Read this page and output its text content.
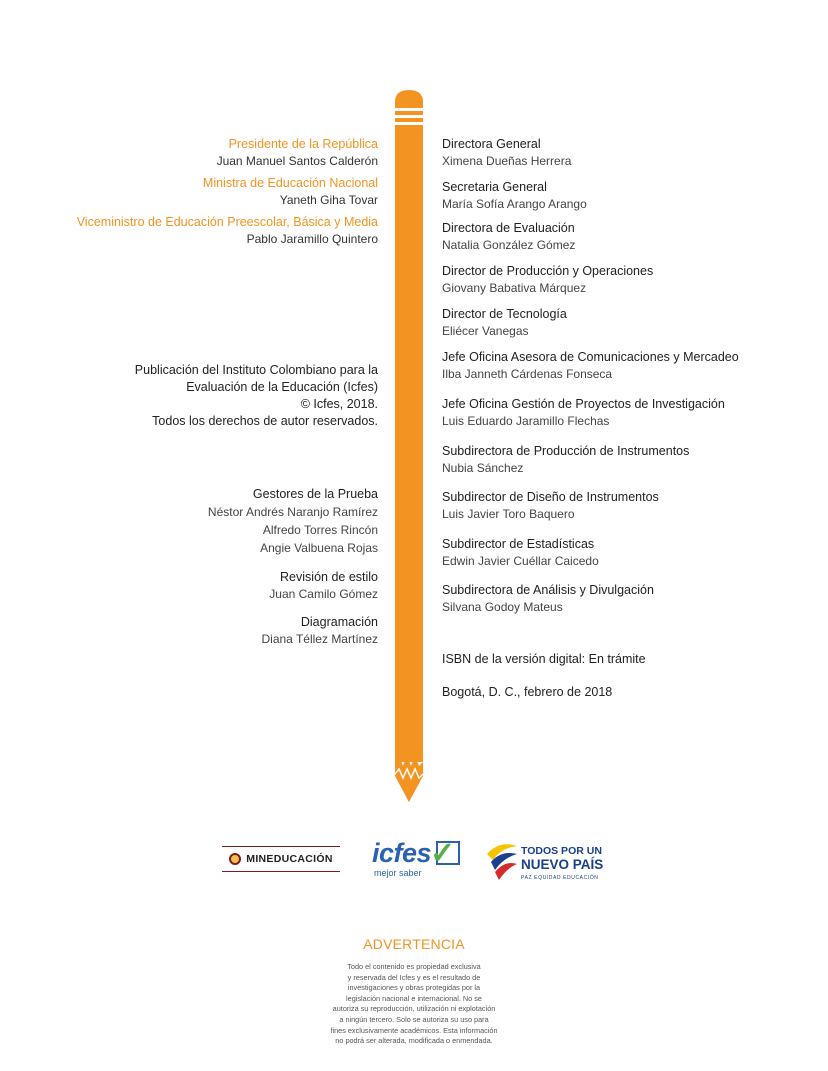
Presidente de la República
Juan Manuel Santos Calderón
Ministra de Educación Nacional
Yaneth Giha Tovar
Viceministro de Educación Preescolar, Básica y Media
Pablo Jaramillo Quintero
Publicación del Instituto Colombiano para la
Evaluación de la Educación (Icfes)
© Icfes, 2018.
Todos los derechos de autor reservados.
Gestores de la Prueba
Néstor Andrés Naranjo Ramírez
Alfredo Torres Rincón
Angie Valbuena Rojas
Revisión de estilo
Juan Camilo Gómez
Diagramación
Diana Téllez Martínez
Directora General
Ximena Dueñas Herrera
Secretaria General
María Sofía Arango Arango
Directora de Evaluación
Natalia González Gómez
Director de Producción y Operaciones
Giovany Babativa Márquez
Director de Tecnología
Eliécer Vanegas
Jefe Oficina Asesora de Comunicaciones y Mercadeo
Ilba Janneth Cárdenas Fonseca
Jefe Oficina Gestión de Proyectos de Investigación
Luis Eduardo Jaramillo Flechas
Subdirectora de Producción de Instrumentos
Nubia Sánchez
Subdirector de Diseño de Instrumentos
Luis Javier Toro Baquero
Subdirector de Estadísticas
Edwin Javier Cuéllar Caicedo
Subdirectora de Análisis y Divulgación
Silvana Godoy Mateus
ISBN de la versión digital: En trámite
Bogotá, D. C., febrero de 2018
MINEDUCACIÓN icfes
mejor saber
✓	TODOS POR UN
NUEVO PAÍS
PAZ EQUIDAD EDUCACIÓN
ADVERTENCIA
Todo el contenido es propiedad exclusiva
y reservada del Icfes y es el resultado de
investigaciones y obras protegidas por la
legislación nacional e internacional. No se
autoriza su reproducción, utilización ni explotación
a ningún tercero. Solo se autoriza su uso para
fines exclusivamente académicos. Esta información
no podrá ser alterada, modificada o enmendada.
